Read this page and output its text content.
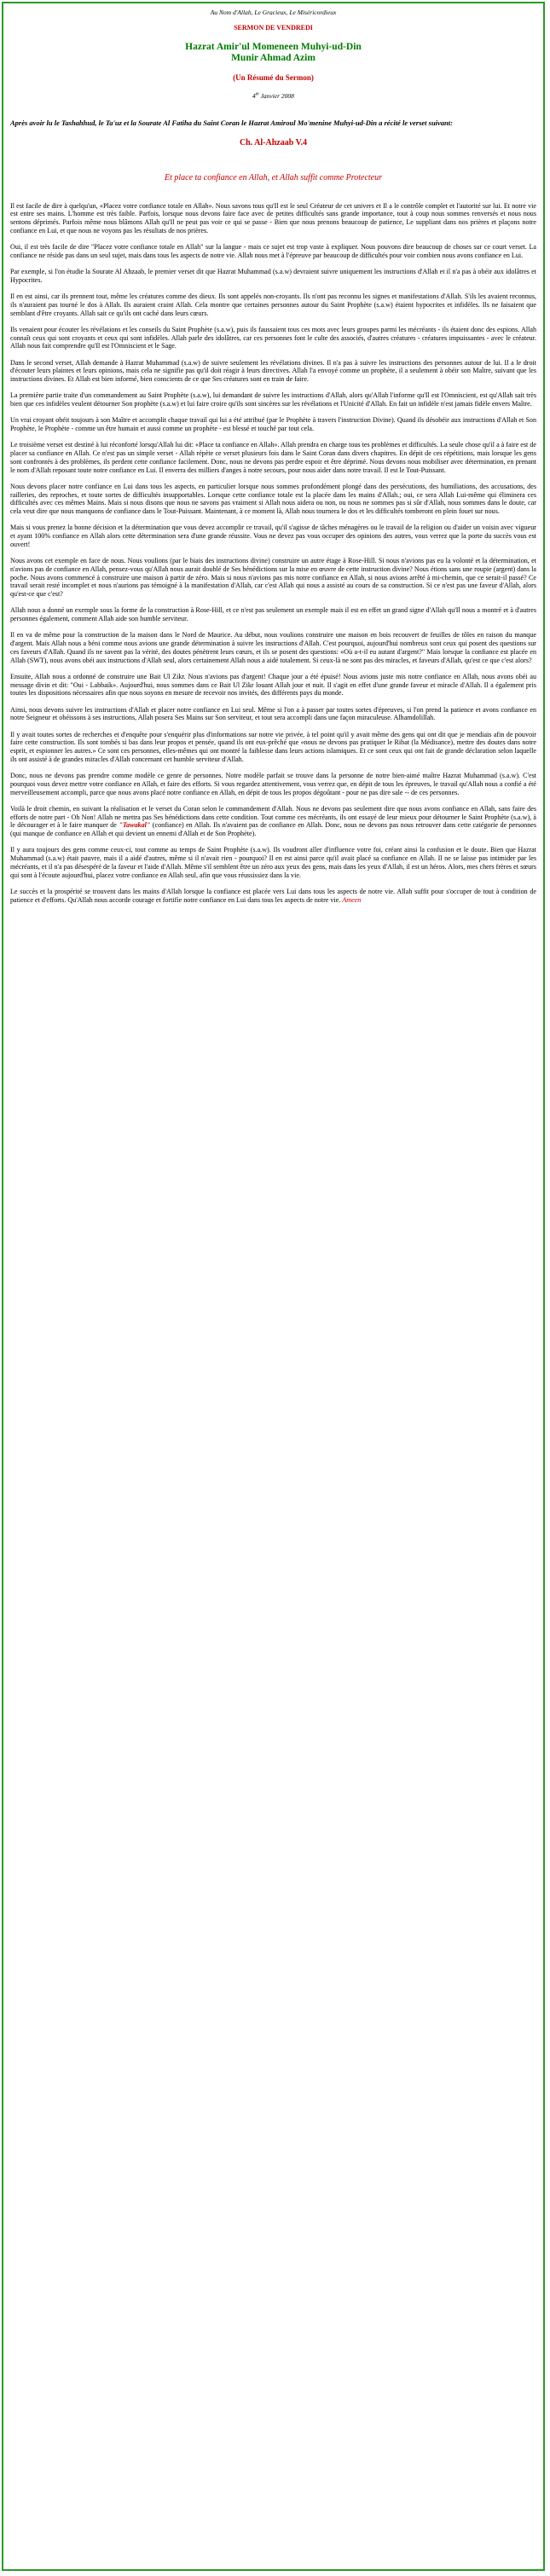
Au Nom d'Allah, Le Gracieux, Le Miséricordieux
SERMON DE VENDREDI
Hazrat Amir'ul Momeneen Muhyi-ud-Din
Munir Ahmad Azim
(Un Résumé du Sermon)
4th Janvier 2008
Après avoir lu le Tashahhud, le Ta'uz et la Sourate Al Fatiha du Saint Coran le Hazrat Amiroul Mo'menine Muhyi-ud-Din a récité le verset suivant:
Ch. Al-Ahzaab V.4
Et place ta confiance en Allah, et Allah suffit comme Protecteur

Il est facile de dire à quelqu'un, «Placez votre confiance totale en Allah». Nous savons tous qu'Il est le seul Créateur de cet univers et Il a le contrôle complet et l'autorité sur lui. Et notre vie est entre ses mains. L'homme est très faible. Parfois, lorsque nous devons faire face avec de petites difficultés sans grande importance, tout à coup nous sommes renversés et nous nous sentons déprimés. Parfois même nous blâmons Allah qu'Il ne peut pas voir ce qui se passe - Bien que nous prenons beaucoup de patience, Le suppliant dans nos prières et plaçons notre confiance en Lui, et que nous ne voyons pas les résultats de nos prières.

Oui, il est très facile de dire "Placez votre confiance totale en Allah" sur la langue - mais ce sujet est trop vaste à expliquer. Nous pouvons dire beaucoup de choses sur ce court verset. La confiance ne réside pas dans un seul sujet, mais dans tous les aspects de notre vie. Allah nous met à l'épreuve par beaucoup de difficultés pour voir combien nous avons confiance en Lui.

Par exemple, si l'on étudie la Sourate Al Ahzaab, le premier verset dit que Hazrat Muhammad (s.a.w) devraient suivre uniquement les instructions d'Allah et il n'a pas à obéir aux idolâtres et Hypocrites.

Il en est ainsi, car ils prennent tout, même les créatures comme des dieux. Ils sont appelés non-croyants. Ils n'ont pas reconnu les signes et manifestations d'Allah. S'ils les avaient reconnus, ils n'auraient pas tourné le dos à Allah. Ils auraient craint Allah. Cela montre que certaines personnes autour du Saint Prophète (s.a.w) étaient hypocrites et infidèles. Ils ne faisaient que semblant d'être croyants. Allah sait ce qu'ils ont caché dans leurs cœurs.

Ils venaient pour écouter les révélations et les conseils du Saint Prophète (s.a.w), puis ils faussaient tous ces mots avec leurs groupes parmi les mécréants - ils étaient donc des espions. Allah connaît ceux qui sont croyants et ceux qui sont infidèles. Allah parle des idolâtres, car ces personnes font le culte des associés, d'autres créatures - créatures impuissantes - avec le créateur. Allah nous fait comprendre qu'Il est l'Omniscient et le Sage.

Dans le second verset, Allah demande à Hazrat Muhammad (s.a.w) de suivre seulement les révélations divines. Il n'a pas à suivre les instructions des personnes autour de lui. Il a le droit d'écouter leurs plaintes et leurs opinions, mais cela ne signifie pas qu'il doit réagir à leurs directives. Allah l'a envoyé comme un prophète, il a seulement à obéir son Maître, suivant que les instructions divines. Et Allah est bien informé, bien conscients de ce que Ses créatures sont en train de faire.

La première partie traite d'un commandement au Saint Prophète (s.a.w), lui demandant de suivre les instructions d'Allah, alors qu'Allah l'informe qu'Il est l'Omniscient, est qu'Allah sait très bien que ces infidèles veulent détourner Son prophète (s.a.w) et lui faire croire qu'ils sont sincères sur les révélations et l'Unicité d'Allah. En fait un infidèle n'est jamais fidèle envers Maître.

Un vrai croyant obéit toujours à son Maître et accomplit chaque travail qui lui a été attribué (par le Prophète à travers l'instruction Divine). Quand ils désobéir aux instructions d'Allah et Son Prophète, le Prophète - comme un être humain et aussi comme un prophète - est blessé et touché par tout cela.

Le troisième verset est destiné à lui réconforté lorsqu'Allah lui dit: «Place ta confiance en Allah». Allah prendra en charge tous tes problèmes et difficultés. La seule chose qu'il a à faire est de placer sa confiance en Allah. Ce n'est pas un simple verset - Allah répète ce verset plusieurs fois dans le Saint Coran dans divers chapitres. En dépit de ces répétitions, mais lorsque les gens sont confrontés à des problèmes, ils perdent cette confiance facilement. Donc, nous ne devons pas perdre espoir et être déprimé. Nous devons nous mobiliser avec détermination, en prenant le nom d'Allah reposant toute notre confiance en Lui. Il enverra des milliers d'anges à notre secours, pour nous aider dans notre travail. Il est le Tout-Puissant.

Nous devons placer notre confiance en Lui dans tous les aspects, en particulier lorsque nous sommes profondément plongé dans des persécutions, des humiliations, des accusations, des railleries, des reproches, et toute sortes de difficultés insupportables. Lorsque cette confiance totale est la placée dans les mains d'Allah.; oui, ce sera Allah Lui-même qui éliminera ces difficultés avec ces mêmes Mains. Mais si nous disons que nous ne savons pas vraiment si Allah nous aidera ou non, ou nous ne sommes pas si sûr d'Allah, nous sommes dans le doute, car cela veut dire que nous manquons de confiance dans le Tout-Puissant. Maintenant, à ce moment là, Allah nous tournera le dos et les difficultés tomberont en plein fouet sur nous.

Mais si vous prenez la bonne décision et la détermination que vous devez accomplir ce travail, qu'il s'agisse de tâches ménagères ou le travail de la religion ou d'aider un voisin avec vigueur et ayant 100% confiance en Allah alors cette détermination sera d'une grande réussite. Vous ne devez pas vous occuper des opinions des autres, vous verrez que la porte du succès vous est ouvert!

Nous avons cet exemple en face de nous. Nous voulions (par le biais des instructions divine) construire un autre étage à Rose-Hill. Si nous n'avions pas eu la volonté et la détermination, et n'avions pas de confiance en Allah, pensez-vous qu'Allah nous aurait doublé de Ses bénédictions sur la mise en œuvre de cette instruction divine? Nous étions sans une roupie (argent) dans la poche. Nous avons commencé à construire une maison à partir de zéro. Mais si nous n'avions pas mis notre confiance en Allah, si nous avions arrêté à mi-chemin, que ce serait-il passé? Ce travail serait resté incomplet et nous n'aurions pas témoigné à la manifestation d'Allah, car c'est Allah qui nous a assisté au cours de sa construction. Si ce n'est pas une faveur d'Allah, alors qu'est-ce que c'est?

Allah nous a donné un exemple sous la forme de la construction à Rose-Hill, et ce n'est pas seulement un exemple mais il est en effet un grand signe d'Allah qu'Il nous a montré et à d'autres personnes également, comment Allah aide son humble serviteur.

Il en va de même pour la construction de la maison dans le Nord de Maurice. Au début, nous voulions construire une maison en bois recouvert de feuilles de tôles en raison du manque d'argent. Mais Allah nous a béni comme nous avions une grande détermination à suivre les instructions d'Allah. C'est pourquoi, aujourd'hui nombreux sont ceux qui posent des questions sur ces faveurs d'Allah. Quand ils ne savent pas la vérité, des doutes pénètrent leurs cœurs, et ils se posent des questions: «Où a-t-il eu autant d'argent?" Mais lorsque la confiance est placée en Allah (SWT), nous avons obéi aux instructions d'Allah seul, alors certainement Allah nous a aidé totalement. Si ceux-là ne sont pas des miracles, et faveurs d'Allah, qu'est ce que c'est alors?

Ensuite, Allah nous a ordonné de construire une Bait Ul Zikr. Nous n'avions pas d'argent! Chaque jour a été épuisé! Nous avions juste mis notre confiance en Allah, nous avons obéi au message divin et dit: "Oui - Labbaik». Aujourd'hui, nous sommes dans ce Bait Ul Zikr louant Allah jour et nuit. Il s'agit en effet d'une grande faveur et miracle d'Allah. Il a également pris toutes les dispositions nécessaires afin que nous soyons en mesure de recevoir nos invités, des différents pays du monde.

Ainsi, nous devons suivre les instructions d'Allah et placer notre confiance en Lui seul. Même si l'on a à passer par toutes sortes d'épreuves, si l'on prend la patience et avons confiance en notre Seigneur et obéissons à ses instructions, Allah posera Ses Mains sur Son serviteur, et tout sera accompli dans une façon miraculeuse. Alhamdolillah.

Il y avait toutes sortes de recherches et d'enquête pour s'enquérir plus d'informations sur notre vie privée, à tel point qu'il y avait même des gens qui ont dit que je mendiais afin de pouvoir faire cette construction. Ils sont tombés si bas dans leur propos et pensée, quand ils ont eux-prêché que «nous ne devons pas pratiquer le Ribat (la Médisance), mettre des doutes dans notre esprit, et espionner les autres.» Ce sont ces personnes, elles-mêmes qui ont montré la faiblesse dans leurs actions islamiques. Et ce sont ceux qui ont fait de grande déclaration selon laquelle ils ont assisté à de grandes miracles d'Allah concernant cet humble serviteur d'Allah.

Donc, nous ne devons pas prendre comme modèle ce genre de personnes. Notre modèle parfait se trouve dans la personne de notre bien-aimé maître Hazrat Muhammad (s.a.w). C'est pourquoi vous devez mettre votre confiance en Allah, et faire des efforts. Si vous regardez attentivement, vous verrez que, en dépit de tous les épreuves, le travail qu'Allah nous a confié a été merveilleusement accompli, parce que nous avons placé notre confiance en Allah, en dépit de tous les propos dégoûtant - pour ne pas dire sale -- de ces personnes.

Voilà le droit chemin, en suivant la réalisation et le verset du Coran selon le commandement d'Allah. Nous ne devons pas seulement dire que nous avons confiance en Allah, sans faire des efforts de notre part - Oh Non! Allah ne mettra pas Ses bénédictions dans cette condition. Tout comme ces mécréants, ils ont essayé de leur mieux pour détourner le Saint Prophète (s.a.w), à le décourager et à le faire manquer de "Tawakal" (confiance) en Allah. Ils n'avaient pas de confiance en Allah. Donc, nous ne devons pas nous retrouver dans cette catégorie de personnes (qui manque de confiance en Allah et qui devient un ennemi d'Allah et de Son Prophète).

Il y aura toujours des gens comme ceux-ci, tout comme au temps de Saint Prophète (s.a.w). Ils voudront aller d'influence votre foi, créant ainsi la confusion et le doute. Bien que Hazrat Muhammad (s.a.w) était pauvre, mais il a aidé d'autres, même si il n'avait rien - pourquoi? Il en est ainsi parce qu'il avait placé sa confiance en Allah. Il ne se laisse pas intimider par les mécréants, et il n'a pas désespéré de la faveur et l'aide d'Allah. Même s'il semblent être un zéro aux yeux des gens, mais dans les yeux d'Allah, il est un héros. Alors, mes chers frères et sœurs qui sont à l'écoute aujourd'hui, placez votre confiance en Allah seul, afin que vous réussissiez dans la vie.

Le succès et la prospérité se trouvent dans les mains d'Allah lorsque la confiance est placée vers Lui dans tous les aspects de notre vie. Allah suffit pour s'occuper de tout à condition de patience et d'efforts. Qu'Allah nous accorde courage et fortifie notre confiance en Lui dans tous les aspects de notre vie. Ameen
